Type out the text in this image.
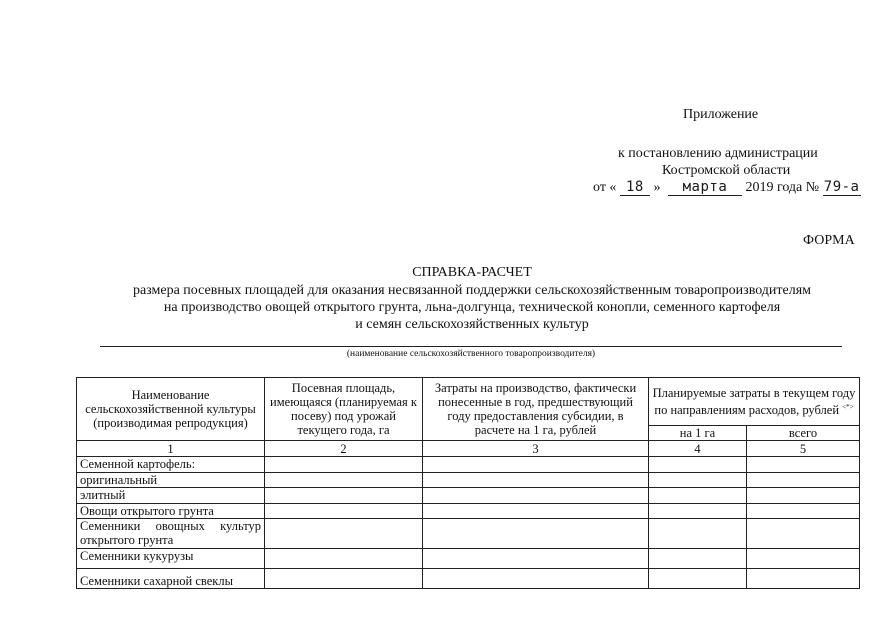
Приложение
к постановлению администрации
Костромской области
от « 18 » марта 2019 года № 79-а
ФОРМА
СПРАВКА-РАСЧЕТ
размера посевных площадей для оказания несвязанной поддержки сельскохозяйственным товаропроизводителям
на производство овощей открытого грунта, льна-долгунца, технической конопли, семенного картофеля
и семян сельскохозяйственных культур
(наименование сельскохозяйственного товаропроизводителя)
Наименование сельскохозяйственной культуры (производимая репродукция)	Посевная площадь, имеющаяся (планируемая к посеву) под урожай текущего года, га	Затраты на производство, фактически понесенные в год, предшествующий году предоставления субсидии, в расчете на 1 га, рублей	Планируемые затраты в текущем году по направлениям расходов, рублей <*>
			на 1 га	всего
1	2	3	4	5
Семенной картофель:				
оригинальный				
элитный				
Овощи открытого грунта				
Семенники овощных культур открытого грунта				
Семенники кукурузы				
Семенники сахарной свеклы				
